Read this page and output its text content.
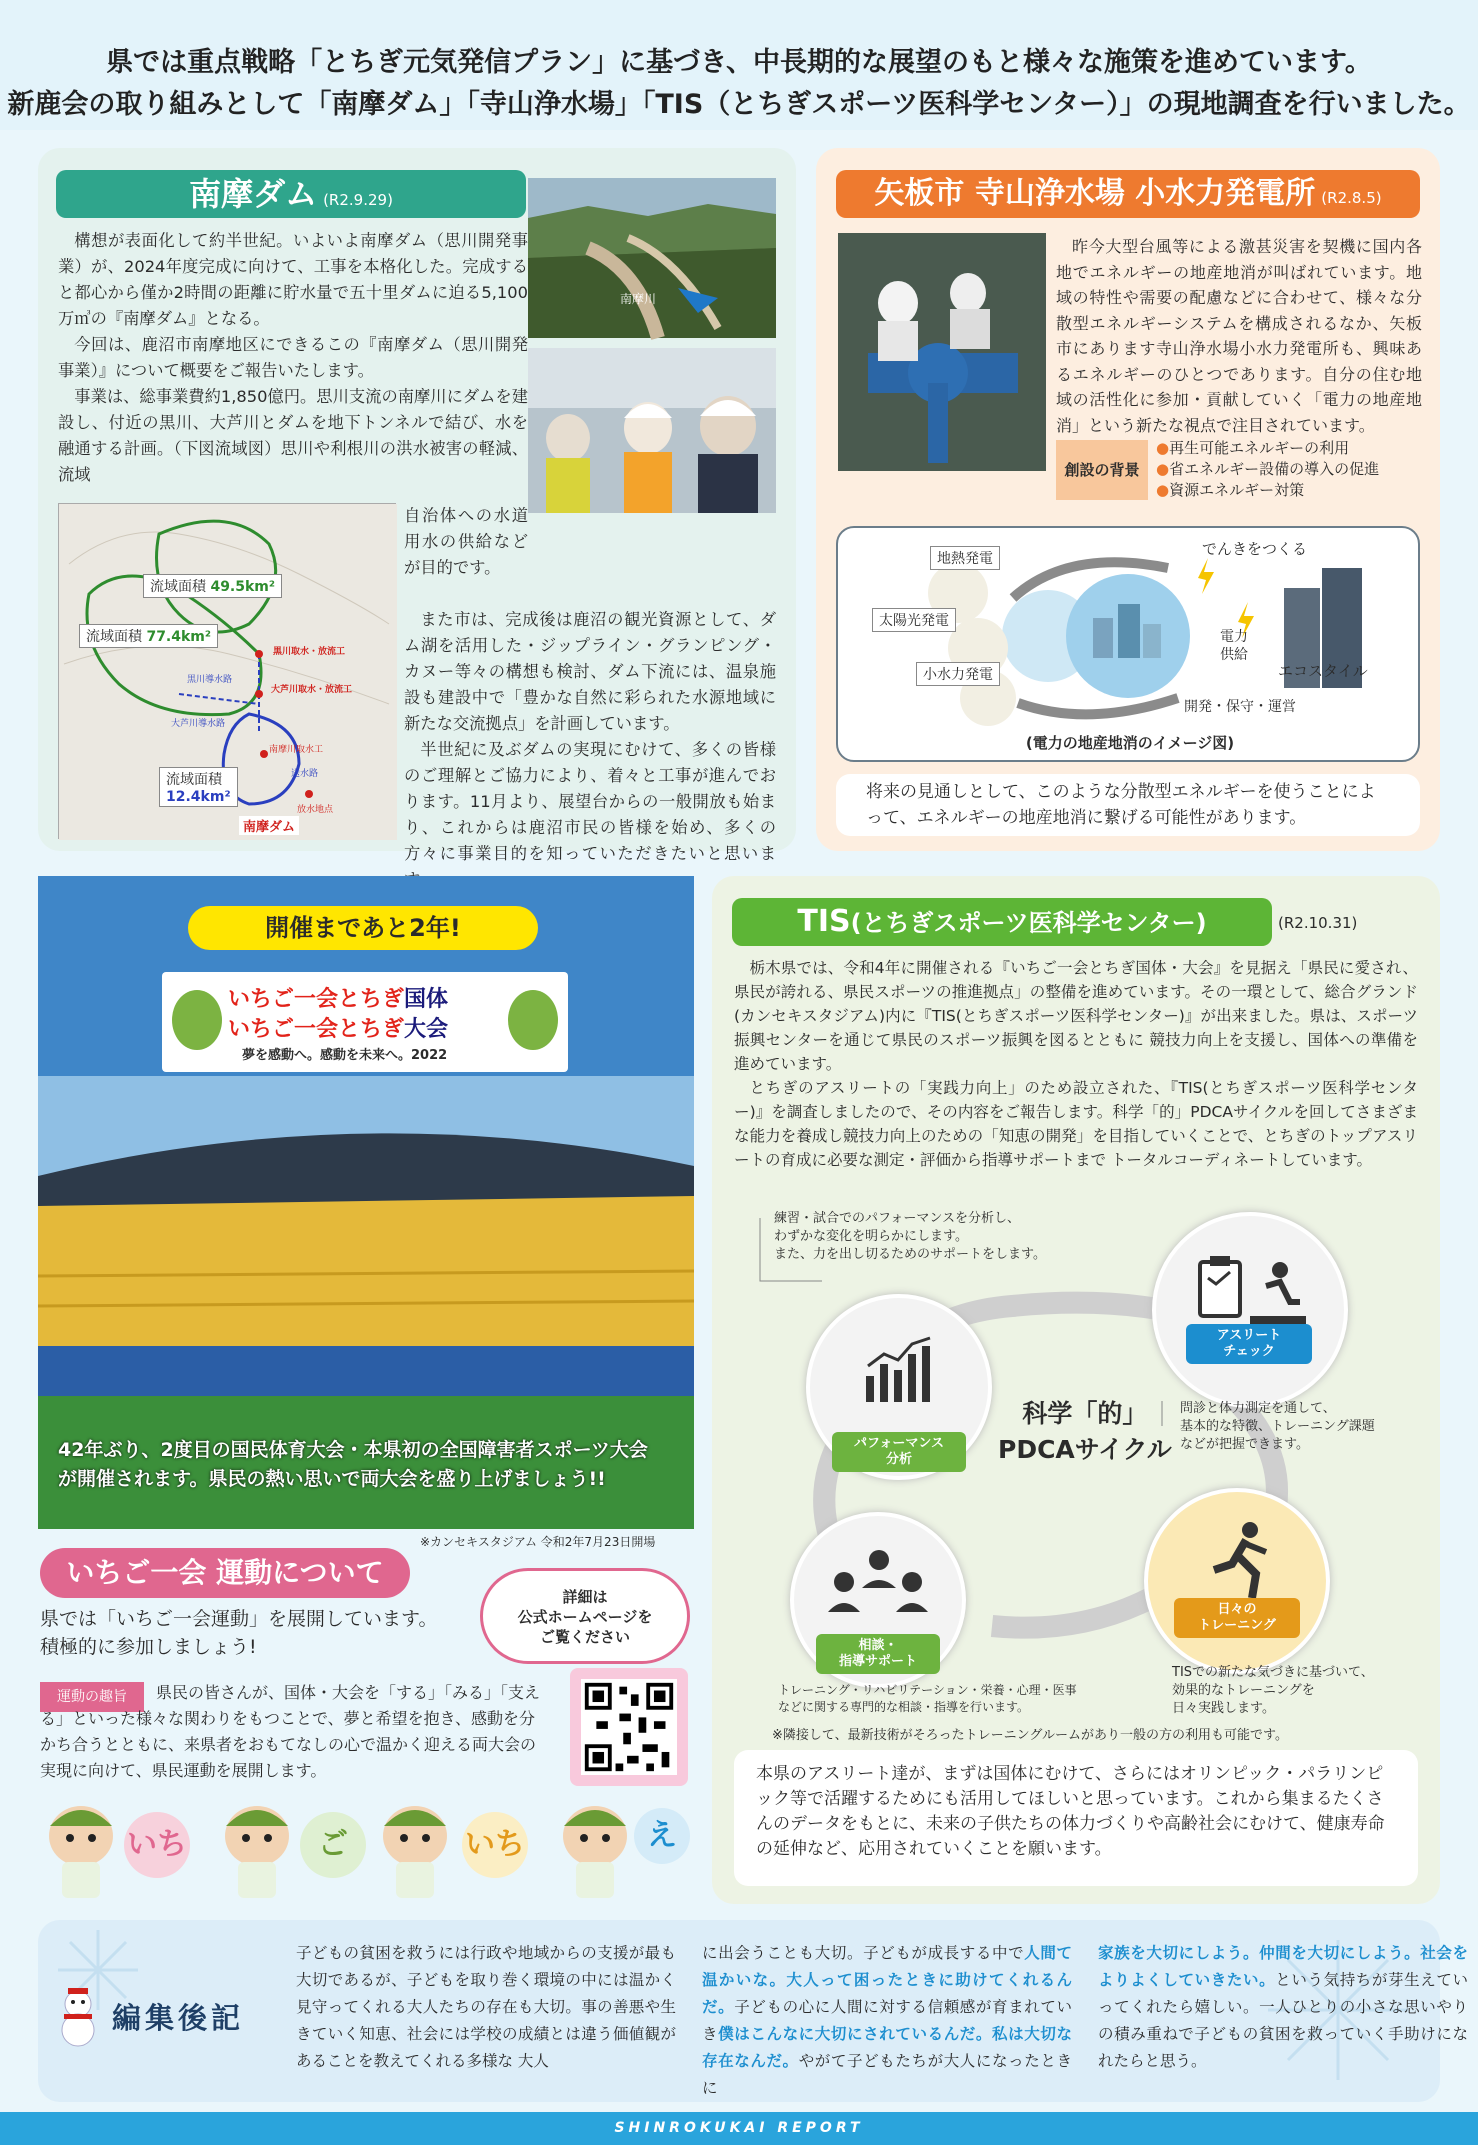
県では重点戦略「とちぎ元気発信プラン」に基づき、中長期的な展望のもと様々な施策を進めています。
新鹿会の取り組みとして「南摩ダム」「寺山浄水場」「TIS（とちぎスポーツ医科学センター）」の現地調査を行いました。
南摩ダム (R2.9.29)

構想が表面化して約半世紀。いよいよ南摩ダム（思川開発事業）が、2024年度完成に向けて、工事を本格化した。完成すると都心から僅か2時間の距離に貯水量で五十里ダムに迫る5,100万㎥の『南摩ダム』となる。

今回は、鹿沼市南摩地区にできるこの『南摩ダム（思川開発事業）』について概要をご報告いたします。

事業は、総事業費約1,850億円。思川支流の南摩川にダムを建設し、付近の黒川、大芦川とダムを地下トンネルで結び、水を融通する計画。（下図流域図）思川や利根川の洪水被害の軽減、流域

南摩川
流域面積 49.5km²
流域面積 77.4km²
流域面積
12.4km²
黒川取水・放流工
黒川導水路
大芦川取水・放流工
大芦川導水路
南摩川取水工
送水路
放水地点
南摩ダム

自治体への水道用水の供給などが目的です。

また市は、完成後は鹿沼の観光資源として、ダム湖を活用した・ジップライン・グランピング・カヌー等々の構想も検討、ダム下流には、温泉施設も建設中で「豊かな自然に彩られた水源地域に新たな交流拠点」を計画しています。

半世紀に及ぶダムの実現にむけて、多くの皆様のご理解とご協力により、着々と工事が進んでおります。11月より、展望台からの一般開放も始まり、これからは鹿沼市民の皆様を始め、多くの方々に事業目的を知っていただきたいと思いま

矢板市 寺山浄水場 小水力発電所 (R2.8.5)

昨今大型台風等による激甚災害を契機に国内各地でエネルギーの地産地消が叫ばれています。地域の特性や需要の配慮などに合わせて、様々な分散型エネルギーシステムを構成されるなか、矢板市にあります寺山浄水場小水力発電所も、興味あるエネルギーのひとつであります。自分の住む地域の活性化に参加・貢献していく「電力の地産地消」という新たな視点で注目されています。

創設の背景
●再生可能エネルギーの利用
●省エネルギー設備の導入の促進
●資源エネルギー対策
地熱発電
太陽光発電
小水力発電
でんきをつくる
電力
供給
エコスタイル
開発・保守・運営
(電力の地産地消のイメージ図)
将来の見通しとして、このような分散型エネルギーを使うことによって、エネルギーの地産地消に繋げる可能性があります。
開催まであと2年!
いちご一会とちぎ国体
いちご一会とちぎ大会
夢を感動へ。感動を未来へ。2022
42年ぶり、2度目の国民体育大会・本県初の全国障害者スポーツ大会
が開催されます。県民の熱い思いで両大会を盛り上げましょう!!
※カンセキスタジアム 令和2年7月23日開場
いちご一会 運動について
県では「いちご一会運動」を展開しています。
積極的に参加しましょう!
詳細は
公式ホームページを
ご覧ください
運動の趣旨	県民の皆さんが、国体・大会を「する」「みる」「支える」といった様々な関わりをもつことで、夢と希望を抱き、感動を分かち合うとともに、来県者をおもてなしの心で温かく迎える両大会の実現に向けて、県民運動を展開します。
いち	ご	いち	え
TIS(とちぎスポーツ医科学センター)	(R2.10.31)

栃木県では、令和4年に開催される『いちご一会とちぎ国体・大会』を見据え「県民に愛され、県民が誇れる、県民スポーツの推進拠点」の整備を進めています。その一環として、総合グランド(カンセキスタジアム)内に『TIS(とちぎスポーツ医科学センター)』が出来ました。県は、スポーツ振興センターを通じて県民のスポーツ振興を図るとともに 競技力向上を支援し、国体への準備を進めています。

とちぎのアスリートの「実践力向上」のため設立された、『TIS(とちぎスポーツ医科学センター)』を調査しましたので、その内容をご報告します。科学「的」PDCAサイクルを回してさまざまな能力を養成し競技力向上のための「知恵の開発」を目指していくことで、とちぎのトップアスリートの育成に必要な測定・評価から指導サポートまで トータルコーディネートしています。

練習・試合でのパフォーマンスを分析し、
わずかな変化を明らかにします。
また、力を出し切るためのサポートをします。
パフォーマンス
分析
アスリート
チェック
問診と体力測定を通して、
基本的な特徴、トレーニング課題
などが把握できます。
科学「的」
PDCAサイクル
日々の
トレーニング
TISでの新たな気づきに基づいて、
効果的なトレーニングを
日々実践します。
相談・
指導サポート
トレーニング・リハビリテーション・栄養・心理・医事
などに関する専門的な相談・指導を行います。
※隣接して、最新技術がそろったトレーニングルームがあり一般の方の利用も可能です。
本県のアスリート達が、まずは国体にむけて、さらにはオリンピック・パラリンピック等で活躍するためにも活用してほしいと思っています。これから集まるたくさんのデータをもとに、未来の子供たちの体力づくりや高齢社会にむけて、健康寿命の延伸など、応用されていくことを願います。
編集後記
子どもの貧困を救うには行政や地域からの支援が最も大切であるが、子どもを取り巻く環境の中には温かく見守ってくれる大人たちの存在も大切。事の善悪や生きていく知恵、社会には学校の成績とは違う価値観があることを教えてくれる多様な 大人
に出会うことも大切。子どもが成長する中で人間て温かいな。大人って困ったときに助けてくれるんだ。子どもの心に人間に対する信頼感が育まれていき僕はこんなに大切にされているんだ。私は大切な存在なんだ。やがて子どもたちが大人になったときに
家族を大切にしよう。仲間を大切にしよう。社会をよりよくしていきたい。という気持ちが芽生えていってくれたら嬉しい。一人ひとりの小さな思いやりの積み重ねで子どもの貧困を救っていく手助けになれたらと思う。
SHINROKUKAI REPORT
